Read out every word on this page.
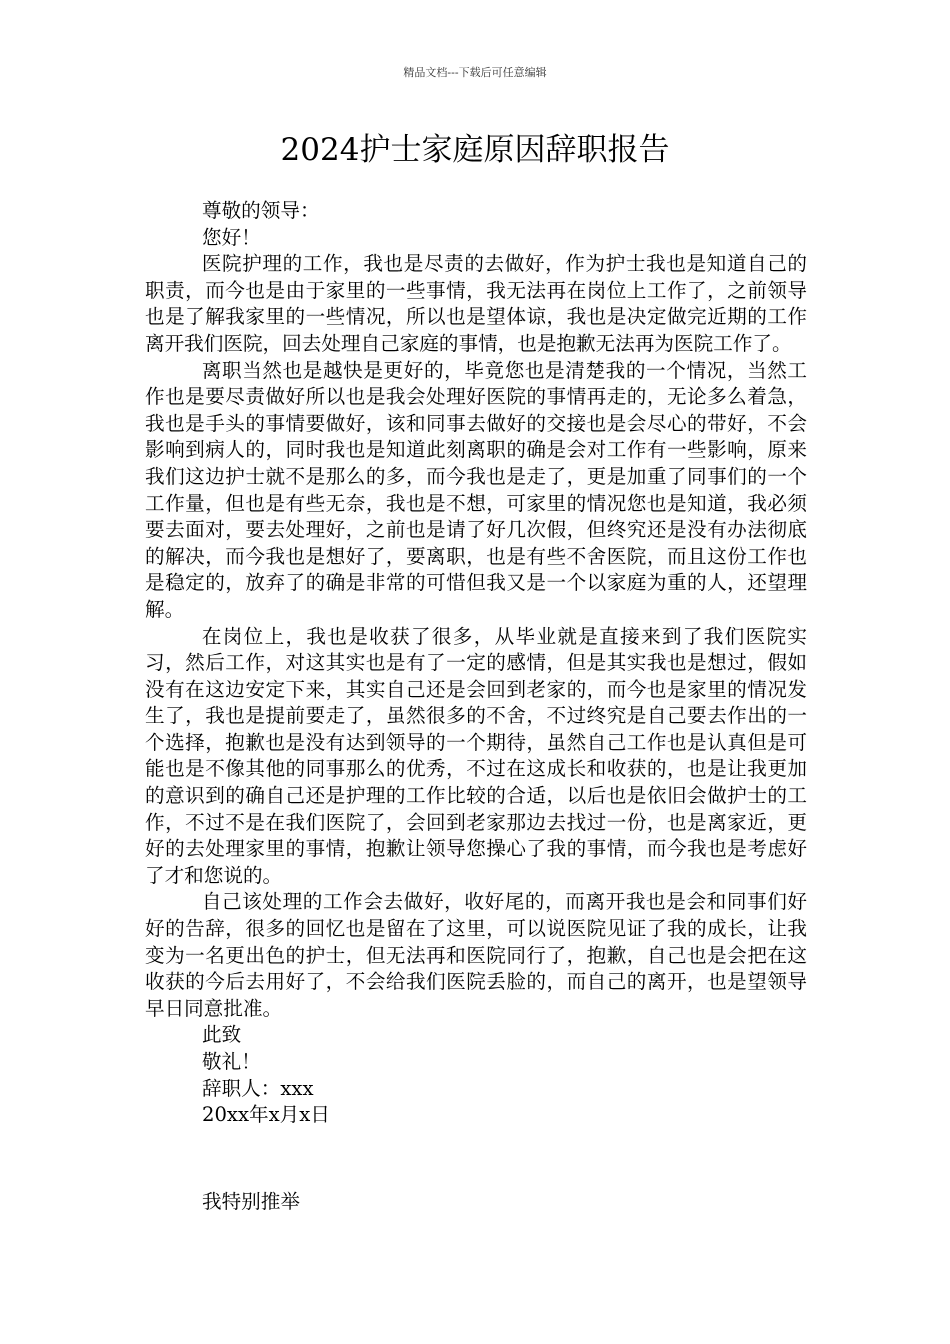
精品文档---下载后可任意编辑
2024护士家庭原因辞职报告

尊敬的领导：

您好！

医院护理的工作，我也是尽责的去做好，作为护士我也是知道自己的职责，而今也是由于家里的一些事情，我无法再在岗位上工作了，之前领导也是了解我家里的一些情况，所以也是望体谅，我也是决定做完近期的工作离开我们医院，回去处理自己家庭的事情，也是抱歉无法再为医院工作了。

离职当然也是越快是更好的，毕竟您也是清楚我的一个情况，当然工作也是要尽责做好所以也是我会处理好医院的事情再走的，无论多么着急，我也是手头的事情要做好，该和同事去做好的交接也是会尽心的带好，不会影响到病人的，同时我也是知道此刻离职的确是会对工作有一些影响，原来我们这边护士就不是那么的多，而今我也是走了，更是加重了同事们的一个工作量，但也是有些无奈，我也是不想，可家里的情况您也是知道，我必须要去面对，要去处理好，之前也是请了好几次假，但终究还是没有办法彻底的解决，而今我也是想好了，要离职，也是有些不舍医院，而且这份工作也是稳定的，放弃了的确是非常的可惜但我又是一个以家庭为重的人，还望理解。

在岗位上，我也是收获了很多，从毕业就是直接来到了我们医院实习，然后工作，对这其实也是有了一定的感情，但是其实我也是想过，假如没有在这边安定下来，其实自己还是会回到老家的，而今也是家里的情况发生了，我也是提前要走了，虽然很多的不舍，不过终究是自己要去作出的一个选择，抱歉也是没有达到领导的一个期待，虽然自己工作也是认真但是可能也是不像其他的同事那么的优秀，不过在这成长和收获的，也是让我更加的意识到的确自己还是护理的工作比较的合适，以后也是依旧会做护士的工作，不过不是在我们医院了，会回到老家那边去找过一份，也是离家近，更好的去处理家里的事情，抱歉让领导您操心了我的事情，而今我也是考虑好了才和您说的。

自己该处理的工作会去做好，收好尾的，而离开我也是会和同事们好好的告辞，很多的回忆也是留在了这里，可以说医院见证了我的成长，让我变为一名更出色的护士，但无法再和医院同行了，抱歉，自己也是会把在这收获的今后去用好了，不会给我们医院丢脸的，而自己的离开，也是望领导早日同意批准。

此致

敬礼！

辞职人：xxx

20xx年x月x日

我特别推举
